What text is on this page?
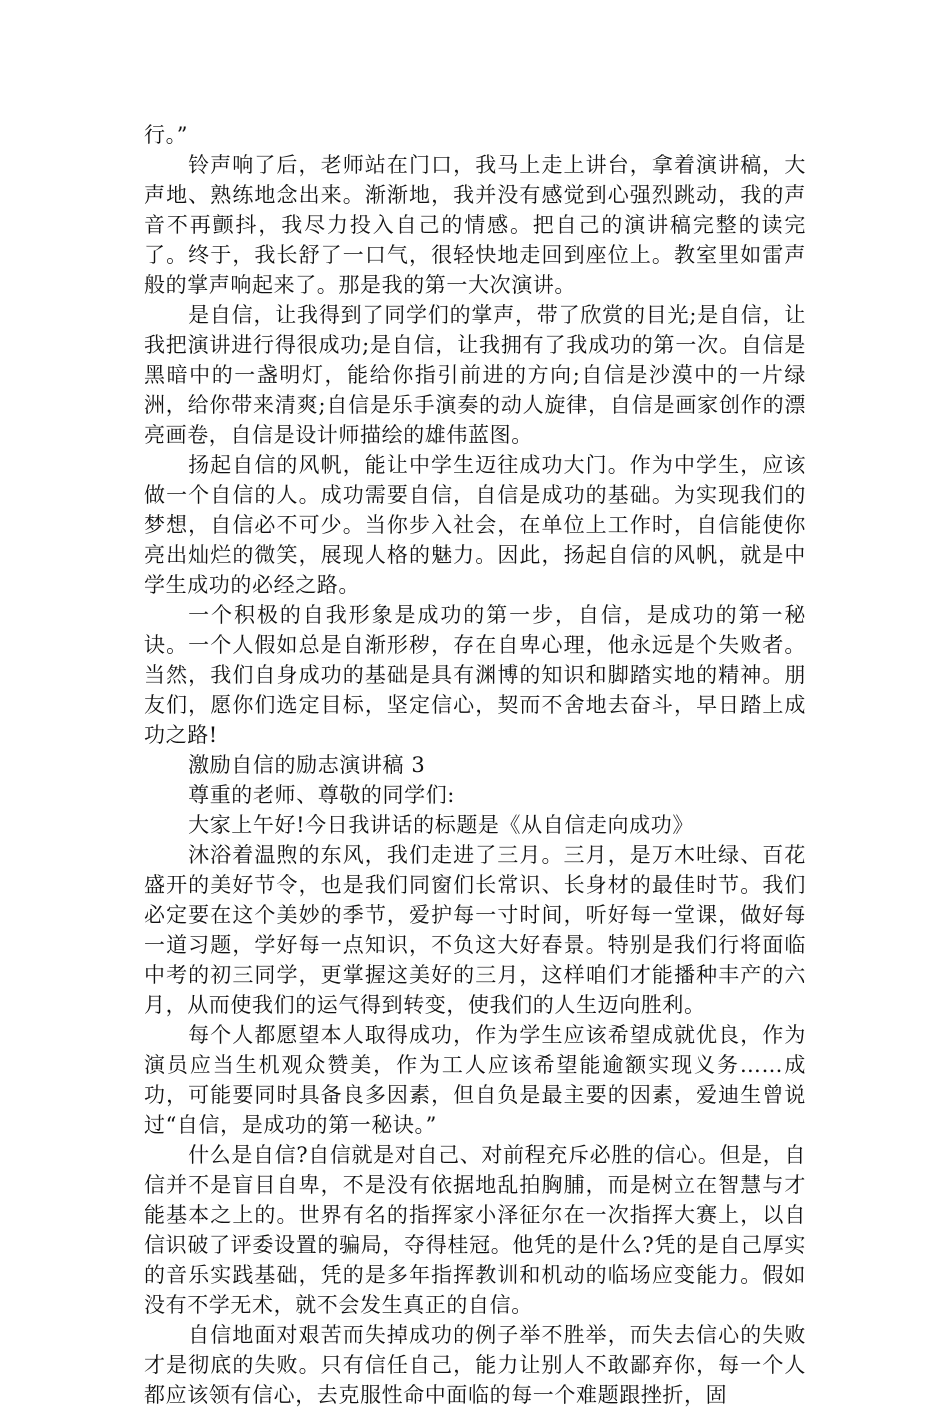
行。”

铃声响了后，老师站在门口，我马上走上讲台，拿着演讲稿，大声地、熟练地念出来。渐渐地，我并没有感觉到心强烈跳动，我的声音不再颤抖，我尽力投入自己的情感。把自己的演讲稿完整的读完了。终于，我长舒了一口气，很轻快地走回到座位上。教室里如雷声般的掌声响起来了。那是我的第一大次演讲。

是自信，让我得到了同学们的掌声，带了欣赏的目光;是自信，让我把演讲进行得很成功;是自信，让我拥有了我成功的第一次。自信是黑暗中的一盏明灯，能给你指引前进的方向;自信是沙漠中的一片绿洲，给你带来清爽;自信是乐手演奏的动人旋律，自信是画家创作的漂亮画卷，自信是设计师描绘的雄伟蓝图。

扬起自信的风帆，能让中学生迈往成功大门。作为中学生，应该做一个自信的人。成功需要自信，自信是成功的基础。为实现我们的梦想，自信必不可少。当你步入社会，在单位上工作时，自信能使你亮出灿烂的微笑，展现人格的魅力。因此，扬起自信的风帆，就是中学生成功的必经之路。

一个积极的自我形象是成功的第一步，自信，是成功的第一秘诀。一个人假如总是自渐形秽，存在自卑心理，他永远是个失败者。当然，我们自身成功的基础是具有渊博的知识和脚踏实地的精神。朋友们，愿你们选定目标，坚定信心，契而不舍地去奋斗，早日踏上成功之路!

激励自信的励志演讲稿 3

尊重的老师、尊敬的同学们:

大家上午好!今日我讲话的标题是《从自信走向成功》

沐浴着温煦的东风，我们走进了三月。三月，是万木吐绿、百花盛开的美好节令，也是我们同窗们长常识、长身材的最佳时节。我们必定要在这个美妙的季节，爱护每一寸时间，听好每一堂课，做好每一道习题，学好每一点知识，不负这大好春景。特别是我们行将面临中考的初三同学，更掌握这美好的三月，这样咱们才能播种丰产的六月，从而使我们的运气得到转变，使我们的人生迈向胜利。

每个人都愿望本人取得成功，作为学生应该希望成就优良，作为演员应当生机观众赞美，作为工人应该希望能逾额实现义务……成功，可能要同时具备良多因素，但自负是最主要的因素，爱迪生曾说过“自信，是成功的第一秘诀。”

什么是自信?自信就是对自己、对前程充斥必胜的信心。但是，自信并不是盲目自卑，不是没有依据地乱拍胸脯，而是树立在智慧与才能基本之上的。世界有名的指挥家小泽征尔在一次指挥大赛上，以自信识破了评委设置的骗局，夺得桂冠。他凭的是什么?凭的是自己厚实的音乐实践基础，凭的是多年指挥教训和机动的临场应变能力。假如没有不学无术，就不会发生真正的自信。

自信地面对艰苦而失掉成功的例子举不胜举，而失去信心的失败才是彻底的失败。只有信任自己，能力让别人不敢鄙弃你，每一个人都应该领有信心，去克服性命中面临的每一个难题跟挫折，固
